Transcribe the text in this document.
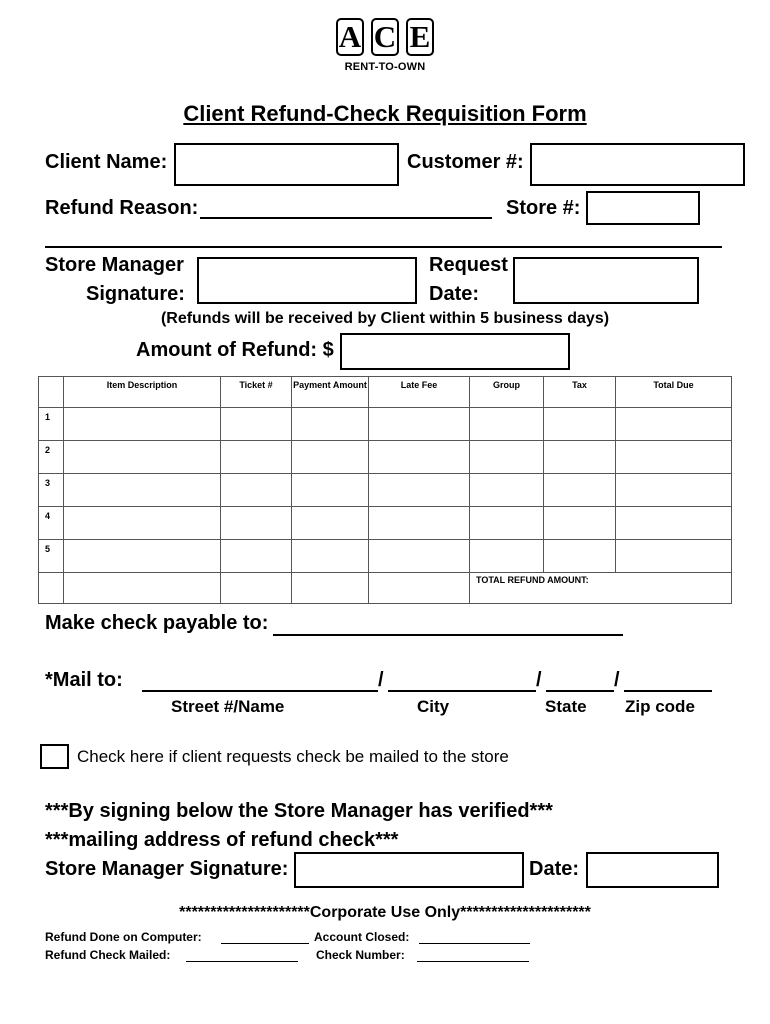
A C E
RENT-TO-OWN
Client Refund-Check Requisition Form
Client Name:	Customer #:
Refund Reason:	Store #:
Store Manager
Signature:
Request
Date:
(Refunds will be received by Client within 5 business days)
Amount of Refund: $
	Item Description	Ticket #	Payment Amount	Late Fee	Group	Tax	Total Due
1							
2							
3							
4							
5							
					TOTAL REFUND AMOUNT:		
Make check payable to:
*Mail to:	/	/	/
Street #/Name	City	State Zip code
Check here if client requests check be mailed to the store
***By signing below the Store Manager has verified***
***mailing address of refund check***
Store Manager Signature:	Date:
*********************Corporate Use Only*********************
Refund Done on Computer:	Account Closed:
Refund Check Mailed:	Check Number:
